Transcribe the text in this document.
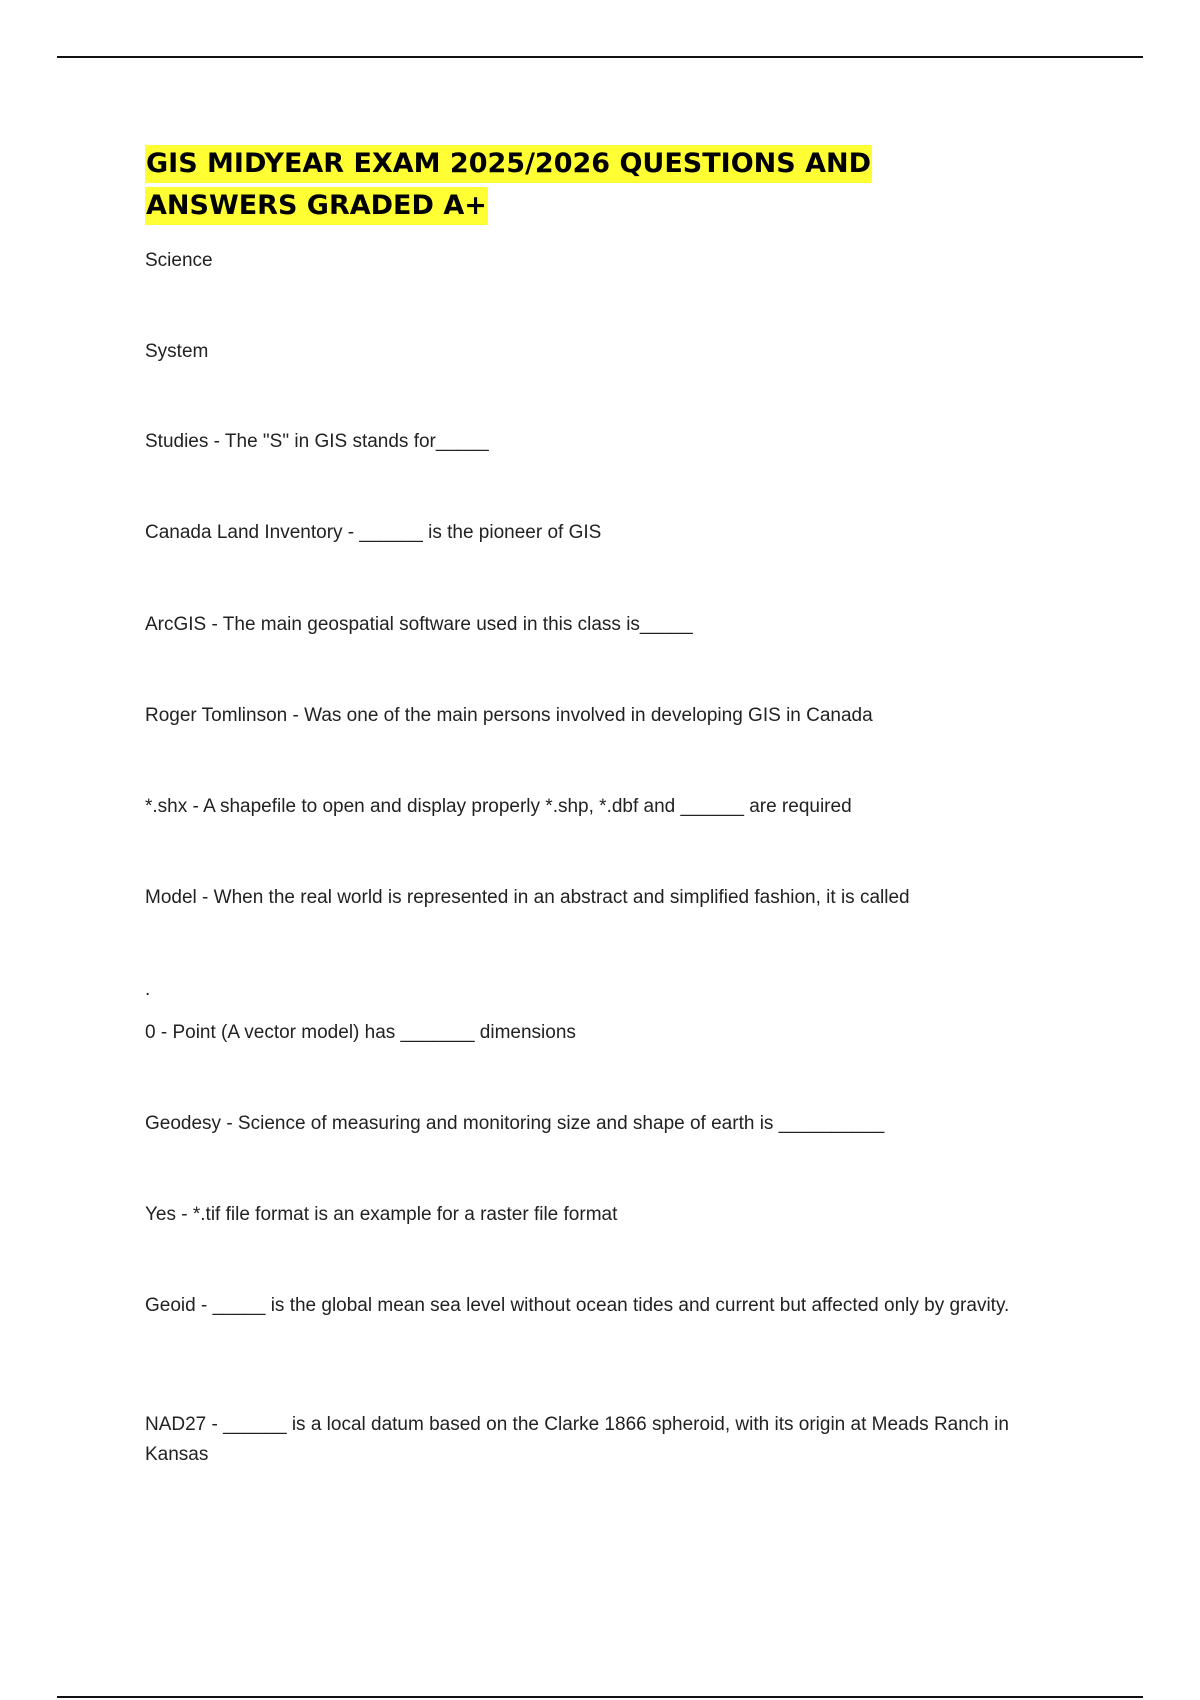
GIS MIDYEAR EXAM 2025/2026 QUESTIONS AND
ANSWERS GRADED A+
Science
System
Studies - The "S" in GIS stands for_____
Canada Land Inventory - ______ is the pioneer of GIS
ArcGIS - The main geospatial software used in this class is_____
Roger Tomlinson - Was one of the main persons involved in developing GIS in Canada
*.shx - A shapefile to open and display properly *.shp, *.dbf and ______ are required
Model - When the real world is represented in an abstract and simplified fashion, it is called
.
0 - Point (A vector model) has _______ dimensions
Geodesy - Science of measuring and monitoring size and shape of earth is __________
Yes - *.tif file format is an example for a raster file format
Geoid - _____ is the global mean sea level without ocean tides and current but affected only by gravity.
NAD27 - ______ is a local datum based on the Clarke 1866 spheroid, with its origin at Meads Ranch in Kansas
